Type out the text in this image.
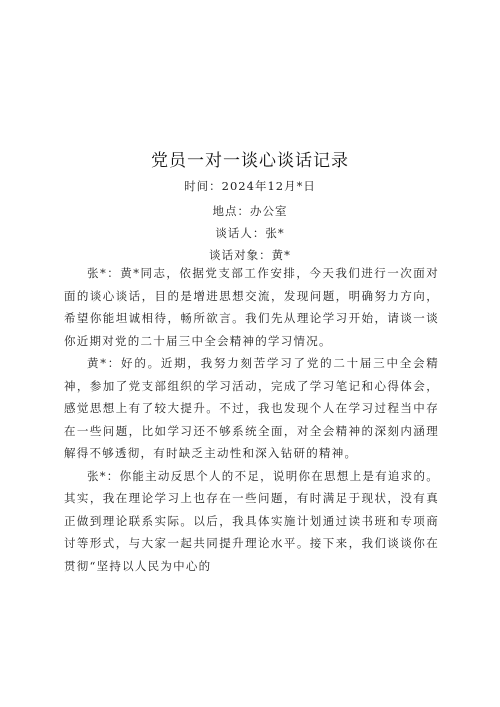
党员一对一谈心谈话记录
时间：2024年12月*日
地点：办公室
谈话人：张*
谈话对象：黄*

张*：黄*同志，依据党支部工作安排，今天我们进行一次面对面的谈心谈话，目的是增进思想交流，发现问题，明确努力方向，希望你能坦诚相待，畅所欲言。我们先从理论学习开始，请谈一谈你近期对党的二十届三中全会精神的学习情况。

黄*：好的。近期，我努力刻苦学习了党的二十届三中全会精神，参加了党支部组织的学习活动，完成了学习笔记和心得体会，感觉思想上有了较大提升。不过，我也发现个人在学习过程当中存在一些问题，比如学习还不够系统全面，对全会精神的深刻内涵理解得不够透彻，有时缺乏主动性和深入钻研的精神。

张*：你能主动反思个人的不足，说明你在思想上是有追求的。其实，我在理论学习上也存在一些问题，有时满足于现状，没有真正做到理论联系实际。以后，我具体实施计划通过读书班和专项商讨等形式，与大家一起共同提升理论水平。接下来，我们谈谈你在贯彻“坚持以人民为中心的
